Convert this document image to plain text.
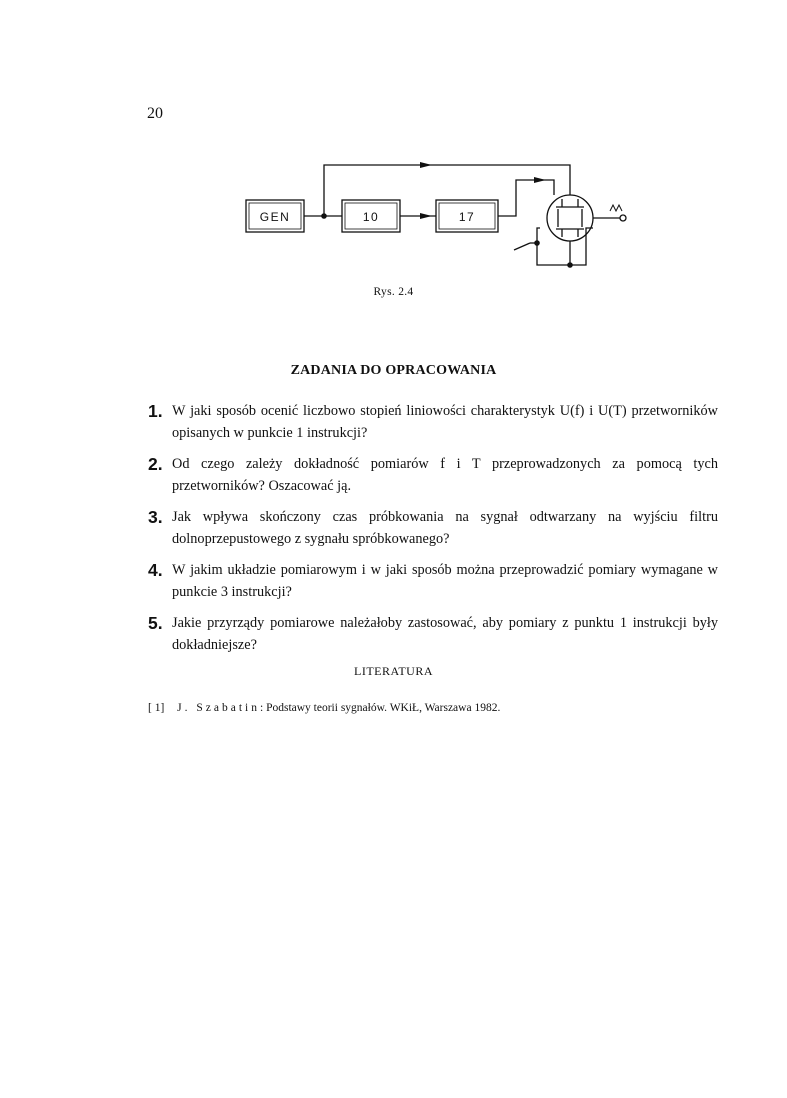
20
GEN	10	17
Rys. 2.4
ZADANIA DO OPRACOWANIA
1. W jaki sposób ocenić liczbowo stopień liniowości charakterystyk U(f) i U(T) przetworników opisanych w punkcie 1 instrukcji?
2. Od czego zależy dokładność pomiarów f i T przeprowadzonych za pomocą tych przetworników? Oszacować ją.
3. Jak wpływa skończony czas próbkowania na sygnał odtwarzany na wyjściu filtru dolnoprzepustowego z sygnału spróbkowanego?
4. W jakim układzie pomiarowym i w jaki sposób można przeprowadzić pomiary wymagane w punkcie 3 instrukcji?
5. Jakie przyrządy pomiarowe należałoby zastosować, aby pomiary z punktu 1 instrukcji były dokładniejsze?
LITERATURA
[ 1] J. Szabatin: Podstawy teorii sygnałów. WKiŁ, Warszawa 1982.
